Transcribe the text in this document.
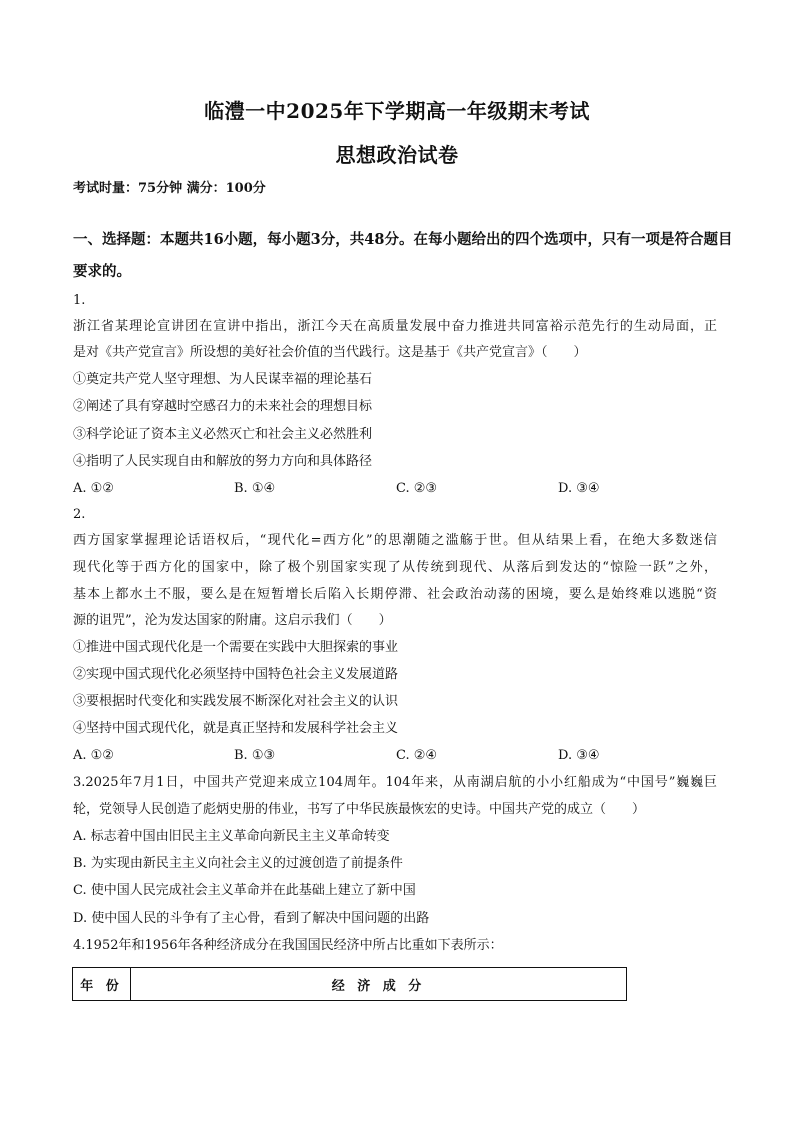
临澧一中2025年下学期高一年级期末考试
思想政治试卷
考试时量：75分钟 满分：100分
一、选择题：本题共16小题，每小题3分，共48分。在每小题给出的四个选项中，只有一项是符合题目要求的。
1.
浙江省某理论宣讲团在宣讲中指出，浙江今天在高质量发展中奋力推进共同富裕示范先行的生动局面，正
是对《共产党宣言》所设想的美好社会价值的当代践行。这是基于《共产党宣言》（　　）
①奠定共产党人坚守理想、为人民谋幸福的理论基石
②阐述了具有穿越时空感召力的未来社会的理想目标
③科学论证了资本主义必然灭亡和社会主义必然胜利
④指明了人民实现自由和解放的努力方向和具体路径
A. ①②	B. ①④	C. ②③	D. ③④
2.
西方国家掌握理论话语权后，“现代化=西方化”的思潮随之滥觞于世。但从结果上看，在绝大多数迷信
现代化等于西方化的国家中，除了极个别国家实现了从传统到现代、从落后到发达的“惊险一跃”之外，
基本上都水土不服，要么是在短暂增长后陷入长期停滞、社会政治动荡的困境，要么是始终难以逃脱“资
源的诅咒”，沦为发达国家的附庸。这启示我们（　　）
①推进中国式现代化是一个需要在实践中大胆探索的事业
②实现中国式现代化必须坚持中国特色社会主义发展道路
③要根据时代变化和实践发展不断深化对社会主义的认识
④坚持中国式现代化，就是真正坚持和发展科学社会主义
A. ①②	B. ①③	C. ②④	D. ③④
3.2025年7月1日，中国共产党迎来成立104周年。104年来，从南湖启航的小小红船成为“中国号”巍巍巨
轮，党领导人民创造了彪炳史册的伟业，书写了中华民族最恢宏的史诗。中国共产党的成立（　　）
A. 标志着中国由旧民主主义革命向新民主主义革命转变
B. 为实现由新民主主义向社会主义的过渡创造了前提条件
C. 使中国人民完成社会主义革命并在此基础上建立了新中国
D. 使中国人民的斗争有了主心骨，看到了解决中国问题的出路
4.1952年和1956年各种经济成分在我国国民经济中所占比重如下表所示：
年 份	经 济 成 分
